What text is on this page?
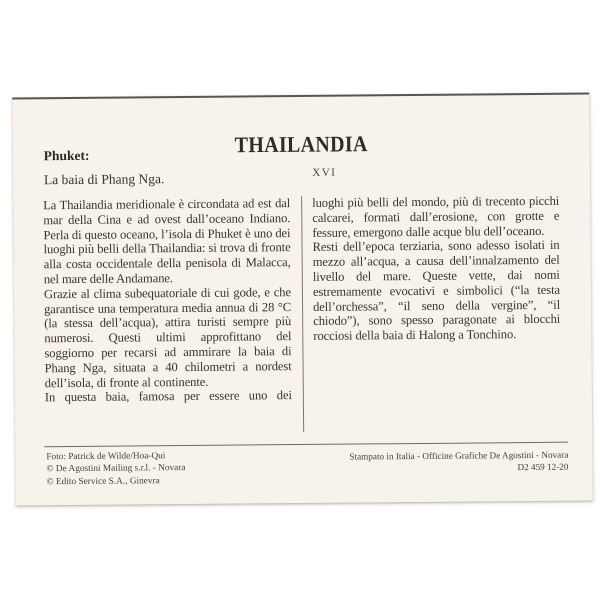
THAILANDIA
XVI
Phuket:
La baia di Phang Nga.

La Thailandia meridionale è circondata ad est dal mar della Cina e ad ovest dall’oceano Indiano. Perla di questo oceano, l’isola di Phuket è uno dei luoghi più belli della Thailandia: si trova di fronte alla costa occidentale della penisola di Malacca, nel mare delle Andamane.

Grazie al clima subequatoriale di cui gode, e che garantisce una temperatura media annua di 28 °C (la stessa dell’acqua), attira turisti sempre più numerosi. Questi ultimi approfittano del soggiorno per recarsi ad ammirare la baia di Phang Nga, situata a 40 chilometri a nordest dell’isola, di fronte al continente.

In questa baia, famosa per essere uno dei

luoghi più belli del mondo, più di trecento picchi calcarei, formati dall’erosione, con grotte e fessure, emergono dalle acque blu dell’oceano.

Resti dell’epoca terziaria, sono adesso isolati in mezzo all’acqua, a causa dell’innalzamento del livello del mare. Queste vette, dai nomi estremamente evocativi e simbolici (“la testa dell’orchessa”, “il seno della vergine”, “il chiodo”), sono spesso paragonate ai blocchi rocciosi della baia di Halong a Tonchino.

Foto: Patrick de Wilde/Hoa-Qui
© De Agostini Mailing s.r.l. - Novara
© Edito Service S.A., Ginevra
Stampato in Italia - Officine Grafiche De Agostini - Novara
D2 459 12-20
